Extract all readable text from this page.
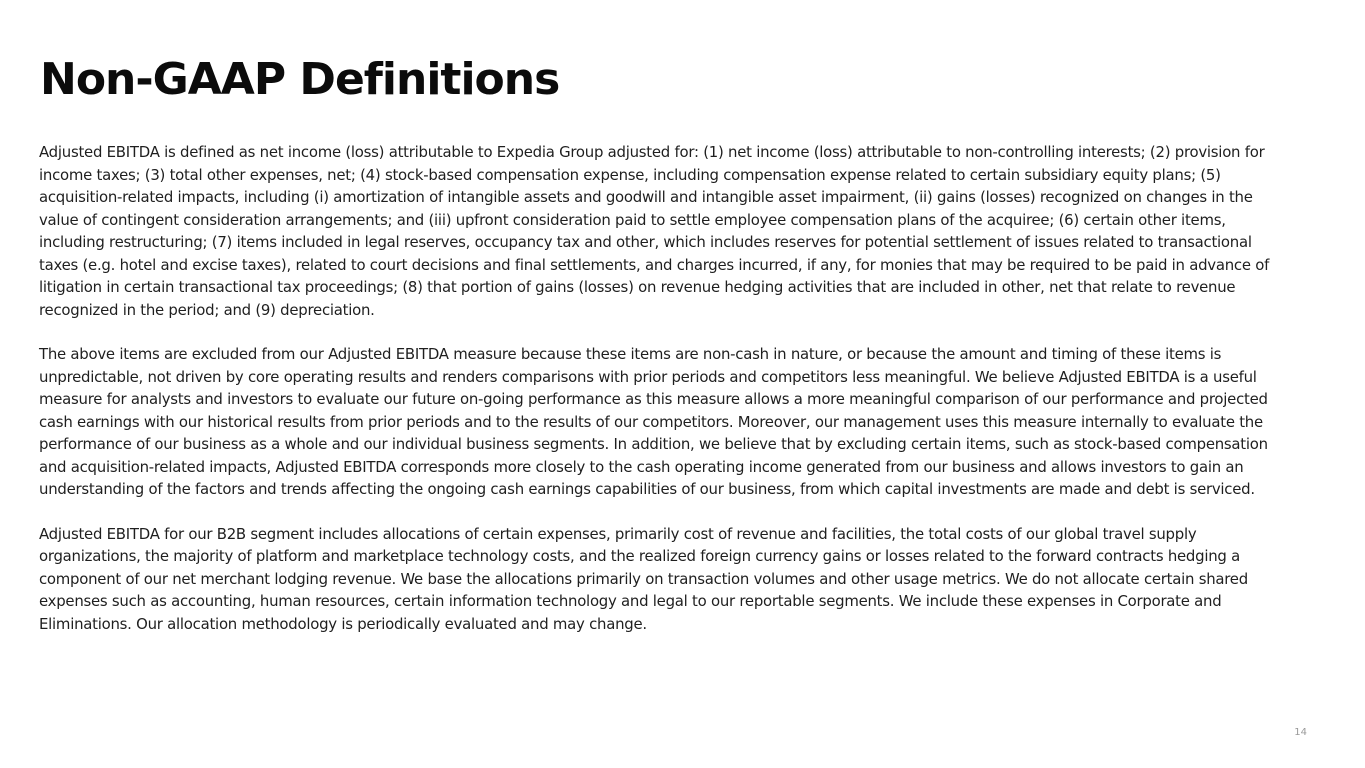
Non-GAAP Definitions

Adjusted EBITDA is defined as net income (loss) attributable to Expedia Group adjusted for: (1) net income (loss) attributable to non-controlling interests; (2) provision for income taxes; (3) total other expenses, net; (4) stock-based compensation expense, including compensation expense related to certain subsidiary equity plans; (5) acquisition-related impacts, including (i) amortization of intangible assets and goodwill and intangible asset impairment, (ii) gains (losses) recognized on changes in the value of contingent consideration arrangements; and (iii) upfront consideration paid to settle employee compensation plans of the acquiree; (6) certain other items, including restructuring; (7) items included in legal reserves, occupancy tax and other, which includes reserves for potential settlement of issues related to transactional taxes (e.g. hotel and excise taxes), related to court decisions and final settlements, and charges incurred, if any, for monies that may be required to be paid in advance of litigation in certain transactional tax proceedings; (8) that portion of gains (losses) on revenue hedging activities that are included in other, net that relate to revenue recognized in the period; and (9) depreciation.

The above items are excluded from our Adjusted EBITDA measure because these items are non-cash in nature, or because the amount and timing of these items is unpredictable, not driven by core operating results and renders comparisons with prior periods and competitors less meaningful. We believe Adjusted EBITDA is a useful measure for analysts and investors to evaluate our future on-going performance as this measure allows a more meaningful comparison of our performance and projected cash earnings with our historical results from prior periods and to the results of our competitors. Moreover, our management uses this measure internally to evaluate the performance of our business as a whole and our individual business segments. In addition, we believe that by excluding certain items, such as stock-based compensation and acquisition-related impacts, Adjusted EBITDA corresponds more closely to the cash operating income generated from our business and allows investors to gain an understanding of the factors and trends affecting the ongoing cash earnings capabilities of our business, from which capital investments are made and debt is serviced.

Adjusted EBITDA for our B2B segment includes allocations of certain expenses, primarily cost of revenue and facilities, the total costs of our global travel supply organizations, the majority of platform and marketplace technology costs, and the realized foreign currency gains or losses related to the forward contracts hedging a component of our net merchant lodging revenue. We base the allocations primarily on transaction volumes and other usage metrics. We do not allocate certain shared expenses such as accounting, human resources, certain information technology and legal to our reportable segments. We include these expenses in Corporate and Eliminations. Our allocation methodology is periodically evaluated and may change.

14
